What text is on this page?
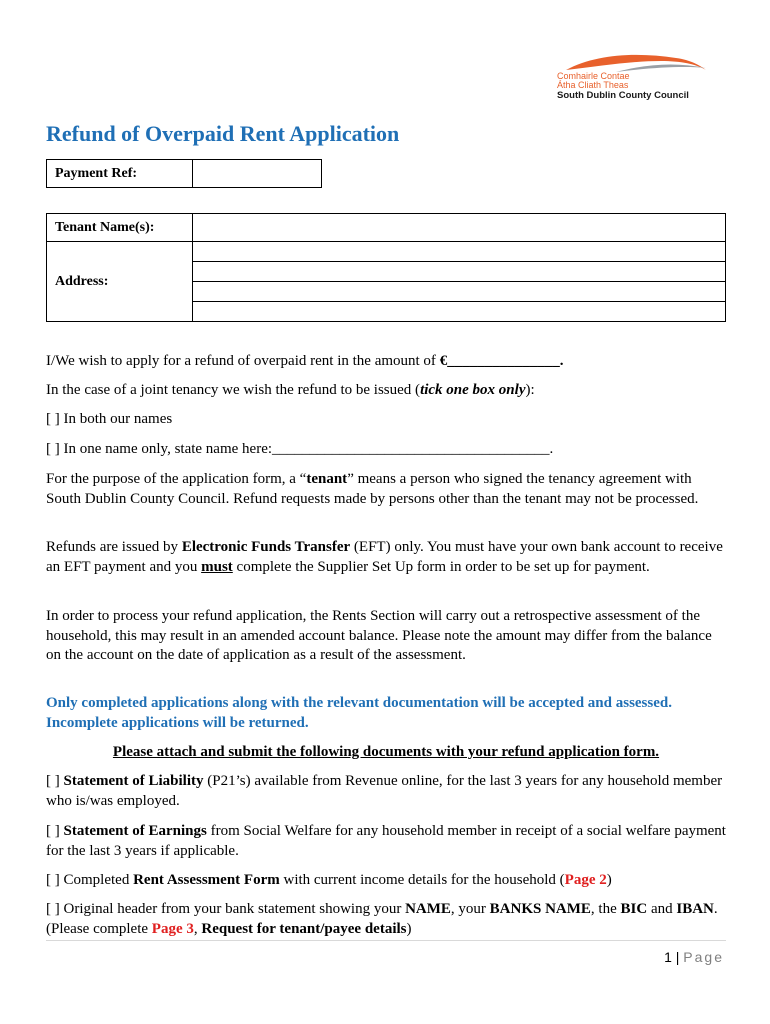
Comhairle Contae
Átha Cliath Theas
South Dublin County Council
Refund of Overpaid Rent Application
Payment Ref:	
Tenant Name(s):	
Address:	

I/We wish to apply for a refund of overpaid rent in the amount of €_______________.

In the case of a joint tenancy we wish the refund to be issued (tick one box only):

[ ] In both our names

[ ] In one name only, state name here:_____________________________________.

For the purpose of the application form, a “tenant” means a person who signed the tenancy agreement with South Dublin County Council. Refund requests made by persons other than the tenant may not be processed.

Refunds are issued by Electronic Funds Transfer (EFT) only. You must have your own bank account to receive an EFT payment and you must complete the Supplier Set Up form in order to be set up for payment.

In order to process your refund application, the Rents Section will carry out a retrospective assessment of the household, this may result in an amended account balance. Please note the amount may differ from the balance on the account on the date of application as a result of the assessment.

Only completed applications along with the relevant documentation will be accepted and assessed. Incomplete applications will be returned.

Please attach and submit the following documents with your refund application form.

[ ] Statement of Liability (P21’s) available from Revenue online, for the last 3 years for any household member who is/was employed.

[ ] Statement of Earnings from Social Welfare for any household member in receipt of a social welfare payment for the last 3 years if applicable.

[ ] Completed Rent Assessment Form with current income details for the household (Page 2)

[ ] Original header from your bank statement showing your NAME, your BANKS NAME, the BIC and IBAN. (Please complete Page 3, Request for tenant/payee details)

1 | Page
